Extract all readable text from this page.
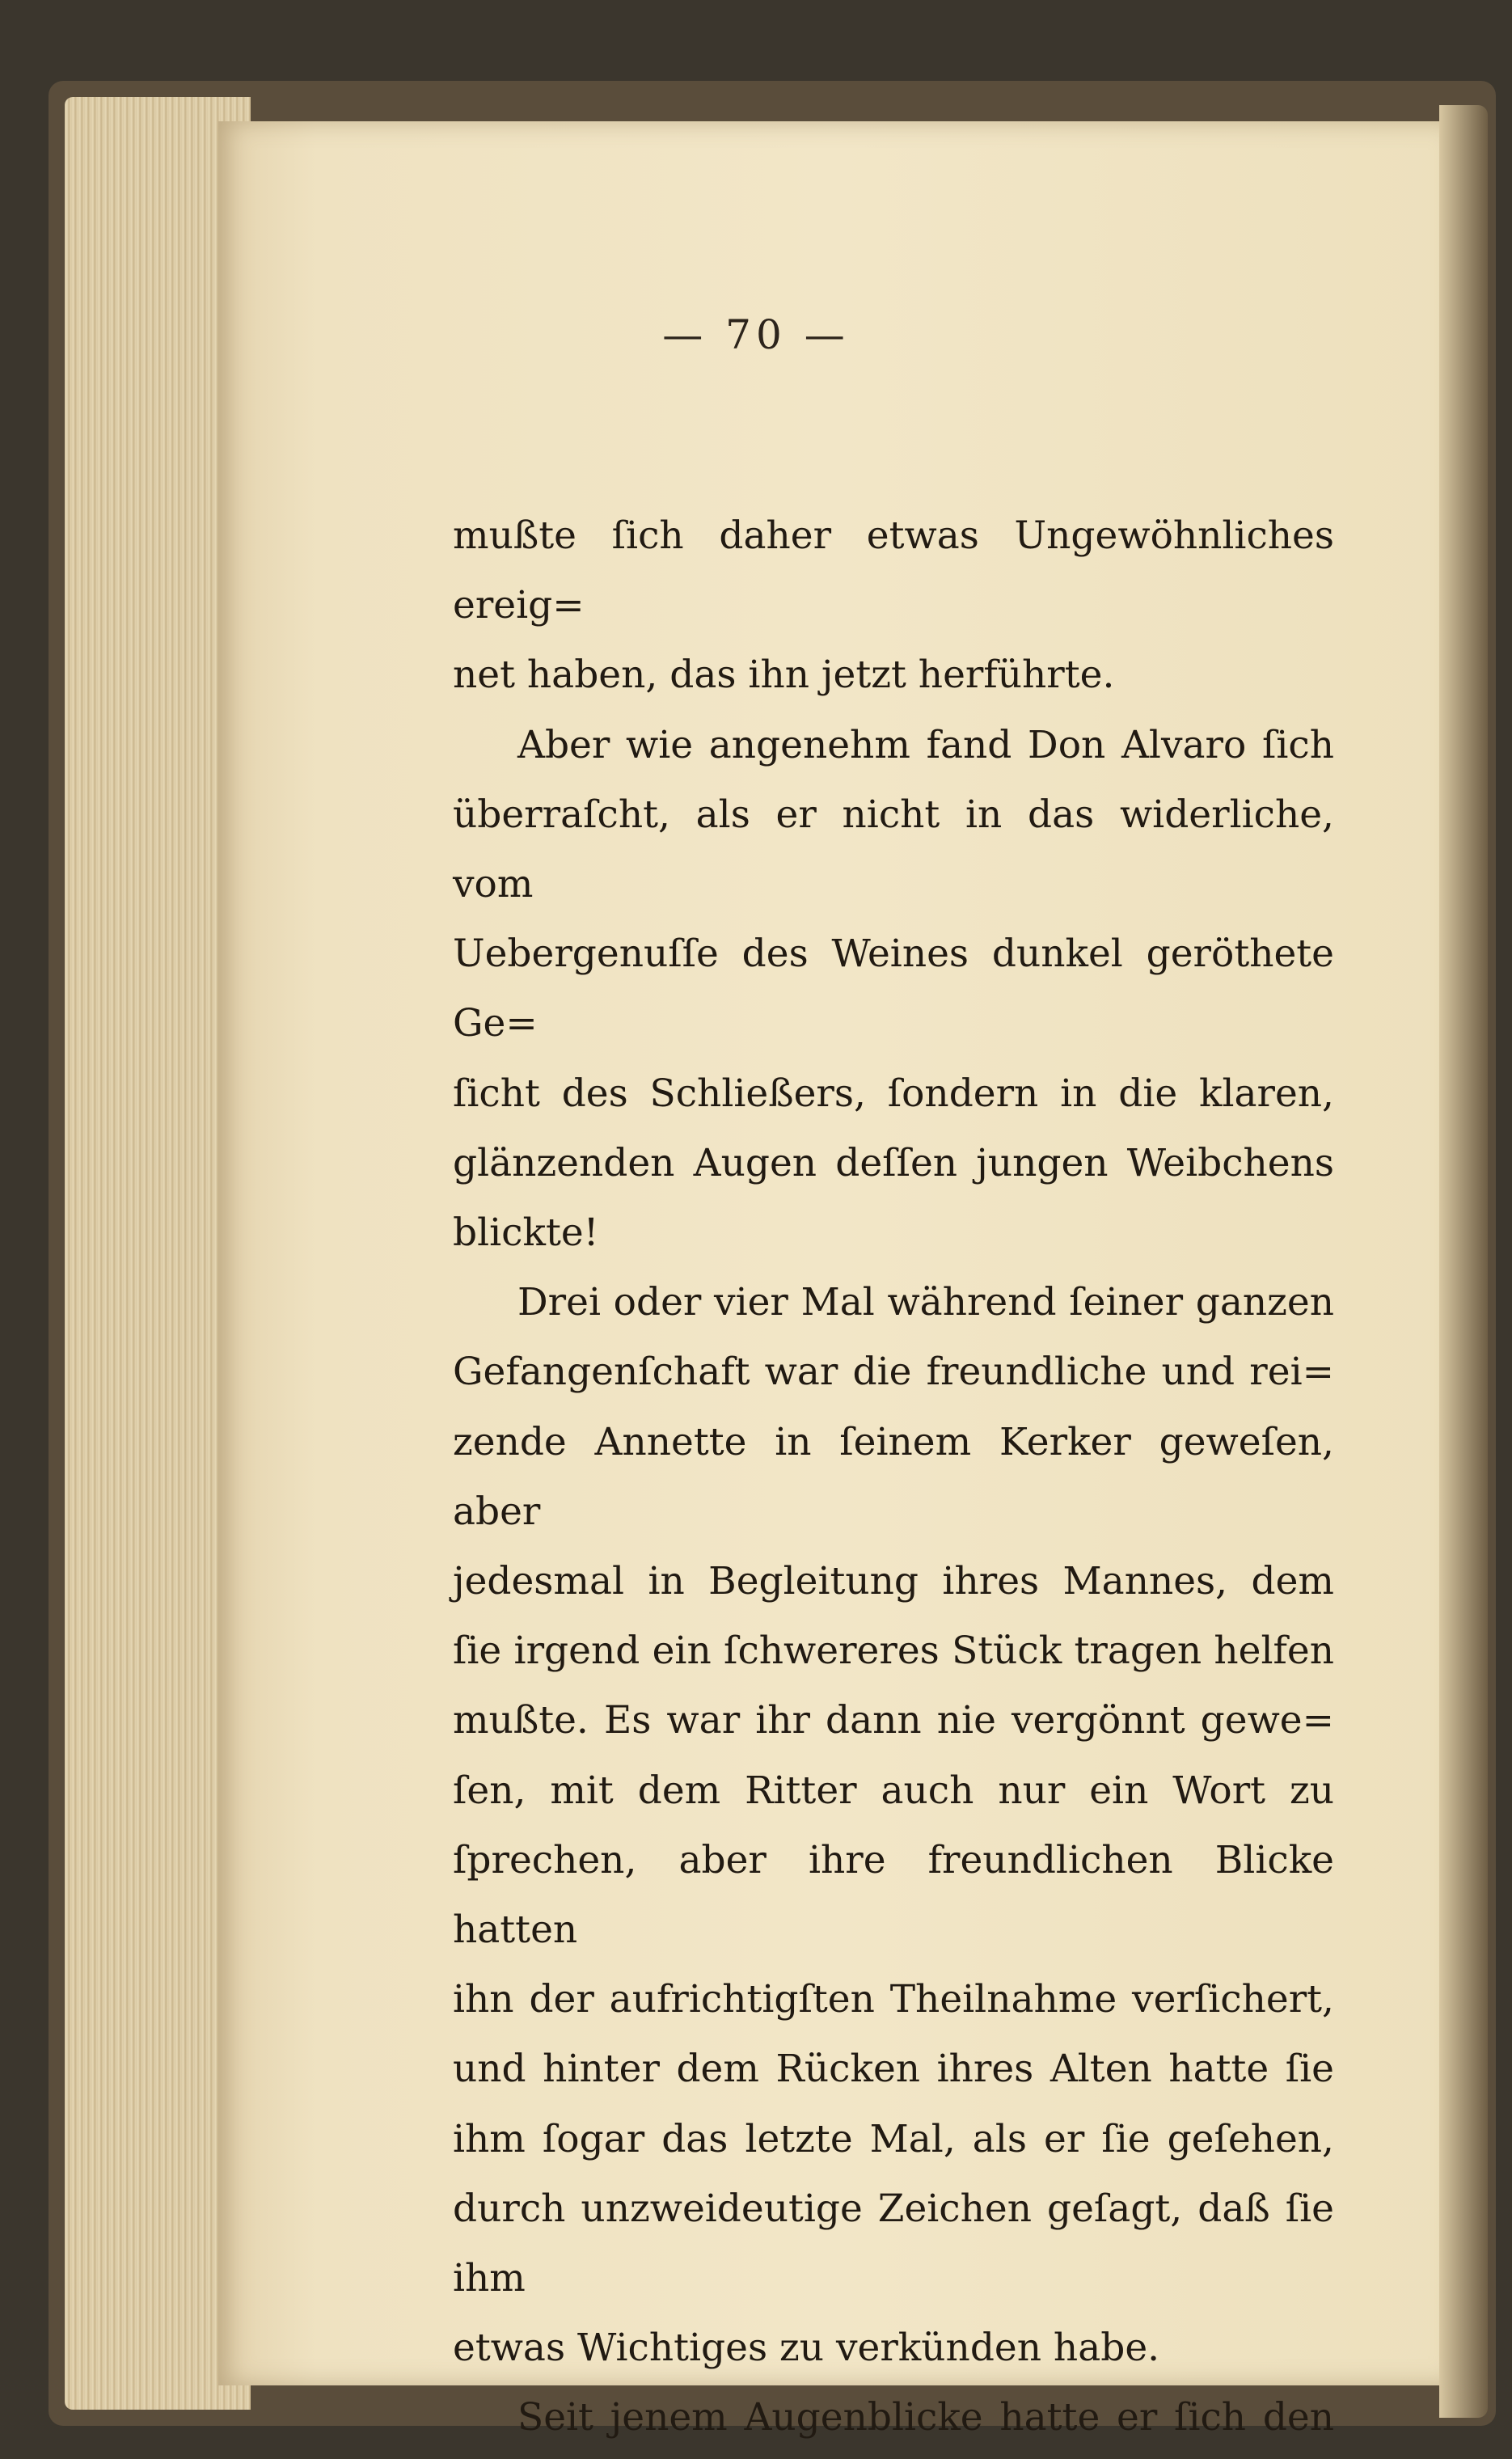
— 70 —
mußte ſich daher etwas Ungewöhnliches ereig=
net haben, das ihn jetzt herführte.
Aber wie angenehm fand Don Alvaro ſich
überraſcht, als er nicht in das widerliche, vom
Uebergenuſſe des Weines dunkel geröthete Ge=
ſicht des Schließers, ſondern in die klaren,
glänzenden Augen deſſen jungen Weibchens
blickte!
Drei oder vier Mal während ſeiner ganzen
Gefangenſchaft war die freundliche und rei=
zende Annette in ſeinem Kerker geweſen, aber
jedesmal in Begleitung ihres Mannes, dem
ſie irgend ein ſchwereres Stück tragen helfen
mußte. Es war ihr dann nie vergönnt gewe=
ſen, mit dem Ritter auch nur ein Wort zu
ſprechen, aber ihre freundlichen Blicke hatten
ihn der aufrichtigſten Theilnahme verſichert,
und hinter dem Rücken ihres Alten hatte ſie
ihm ſogar das letzte Mal, als er ſie geſehen,
durch unzweideutige Zeichen geſagt, daß ſie ihm
etwas Wichtiges zu verkünden habe.
Seit jenem Augenblicke hatte er ſich den
